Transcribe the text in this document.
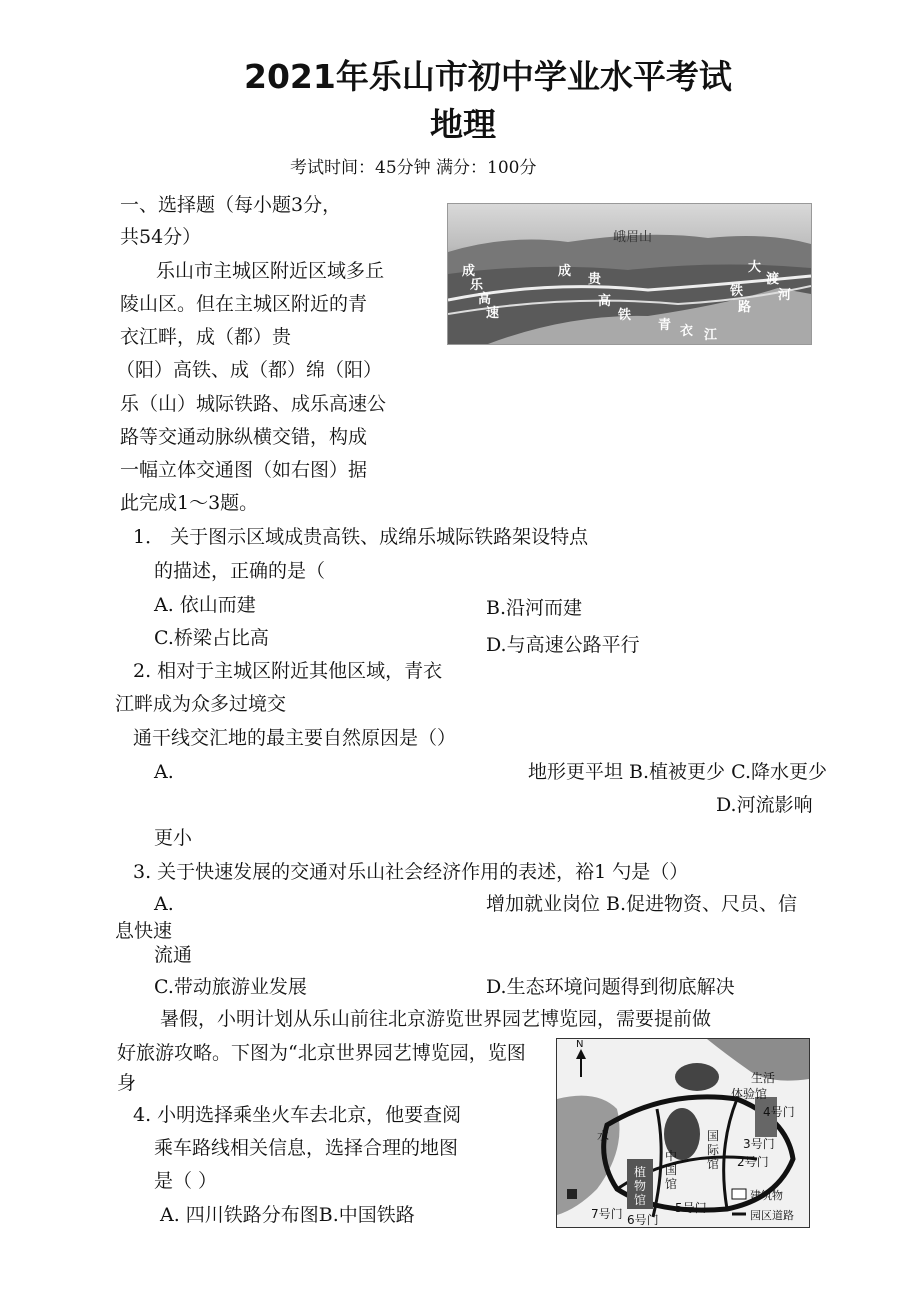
2021年乐山市初中学业水平考试
地理
考试时间：45分钟 满分：100分
一、选择题（每小题3分，
共54分）
乐山市主城区附近区域多丘
陵山区。但在主城区附近的青
衣江畔，成（都）贵
（阳）高铁、成（都）绵（阳）
乐（山）城际铁路、成乐高速公
路等交通动脉纵横交错，构成
一幅立体交通图（如右图）据
此完成1～3题。
峨眉山
成
乐
高
速
成
贵
高
铁
青 衣 江
大
渡
河
铁
路
1． 关于图示区域成贵高铁、成绵乐城际铁路架设特点
的描述，正确的是（
A. 依山而建	B.沿河而建
C.桥梁占比高	D.与高速公路平行
2. 相对于主城区附近其他区域，青衣
江畔成为众多过境交
通干线交汇地的最主要自然原因是（）
A.	地形更平坦 B.植被更少 C.降水更少
D.河流影响
更小
3. 关于快速发展的交通对乐山社会经济作用的表述，裕1 勺是（）
A.	增加就业岗位 B.促进物资、尺员、信
息快速
流通
C.带动旅游业发展	D.生态环境问题得到彻底解决
暑假，小明计划从乐山前往北京游览世界园艺博览园，需要提前做
好旅游攻略。下图为“北京世界园艺博览园，览图
身
4. 小明选择乘坐火车去北京，他要查阅
乘车路线相关信息，选择合理的地图
是（ ）
A. 四川铁路分布图B.中国铁路
N
水
生活
体验馆
4号门
国
际
馆
3号门
2号门
中
国
馆
植
物
馆
5号门
6号门
7号门
建筑物
园区道路
